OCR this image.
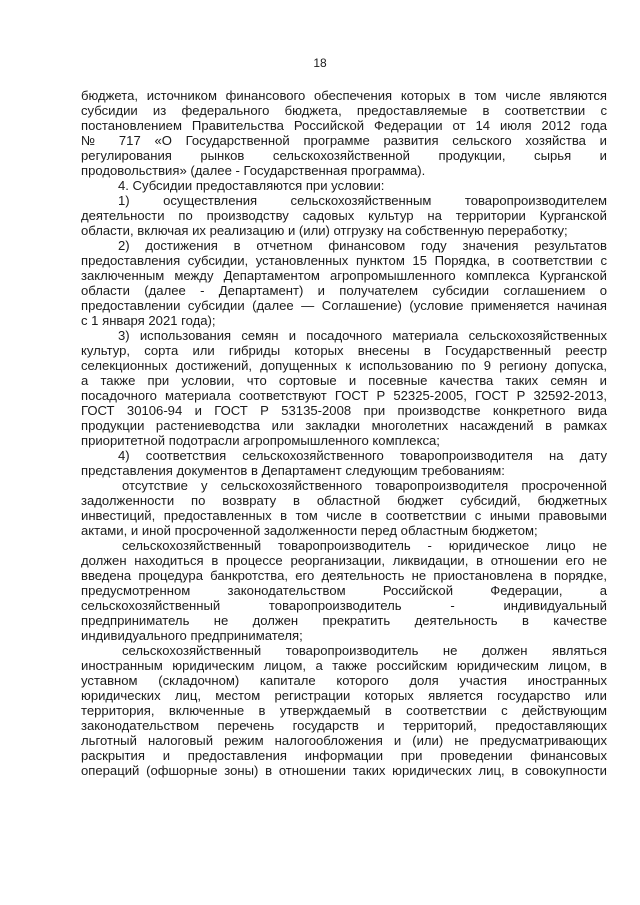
18
бюджета, источником финансового обеспечения которых в том числе являются
субсидии из федерального бюджета, предоставляемые в соответствии с
постановлением Правительства Российской Федерации от 14 июля 2012 года
№ 717 «О Государственной программе развития сельского хозяйства и
регулирования рынков сельскохозяйственной продукции, сырья и
продовольствия» (далее - Государственная программа).
4. Субсидии предоставляются при условии:
1) осуществления сельскохозяйственным товаропроизводителем
деятельности по производству садовых культур на территории Курганской
области, включая их реализацию и (или) отгрузку на собственную переработку;
2) достижения в отчетном финансовом году значения результатов
предоставления субсидии, установленных пунктом 15 Порядка, в соответствии с
заключенным между Департаментом агропромышленного комплекса Курганской
области (далее - Департамент) и получателем субсидии соглашением о
предоставлении субсидии (далее — Соглашение) (условие применяется начиная
с 1 января 2021 года);
3) использования семян и посадочного материала сельскохозяйственных
культур, сорта или гибриды которых внесены в Государственный реестр
селекционных достижений, допущенных к использованию по 9 региону допуска,
а также при условии, что сортовые и посевные качества таких семян и
посадочного материала соответствуют ГОСТ Р 52325-2005, ГОСТ Р 32592-2013,
ГОСТ 30106-94 и ГОСТ Р 53135-2008 при производстве конкретного вида
продукции растениеводства или закладки многолетних насаждений в рамках
приоритетной подотрасли агропромышленного комплекса;
4) соответствия сельскохозяйственного товаропроизводителя на дату
представления документов в Департамент следующим требованиям:
отсутствие у сельскохозяйственного товаропроизводителя просроченной
задолженности по возврату в областной бюджет субсидий, бюджетных
инвестиций, предоставленных в том числе в соответствии с иными правовыми
актами, и иной просроченной задолженности перед областным бюджетом;
сельскохозяйственный товаропроизводитель - юридическое лицо не
должен находиться в процессе реорганизации, ликвидации, в отношении его не
введена процедура банкротства, его деятельность не приостановлена в порядке,
предусмотренном законодательством Российской Федерации, а
сельскохозяйственный товаропроизводитель - индивидуальный
предприниматель не должен прекратить деятельность в качестве
индивидуального предпринимателя;
сельскохозяйственный товаропроизводитель не должен являться
иностранным юридическим лицом, а также российским юридическим лицом, в
уставном (складочном) капитале которого доля участия иностранных
юридических лиц, местом регистрации которых является государство или
территория, включенные в утверждаемый в соответствии с действующим
законодательством перечень государств и территорий, предоставляющих
льготный налоговый режим налогообложения и (или) не предусматривающих
раскрытия и предоставления информации при проведении финансовых
операций (офшорные зоны) в отношении таких юридических лиц, в совокупности
